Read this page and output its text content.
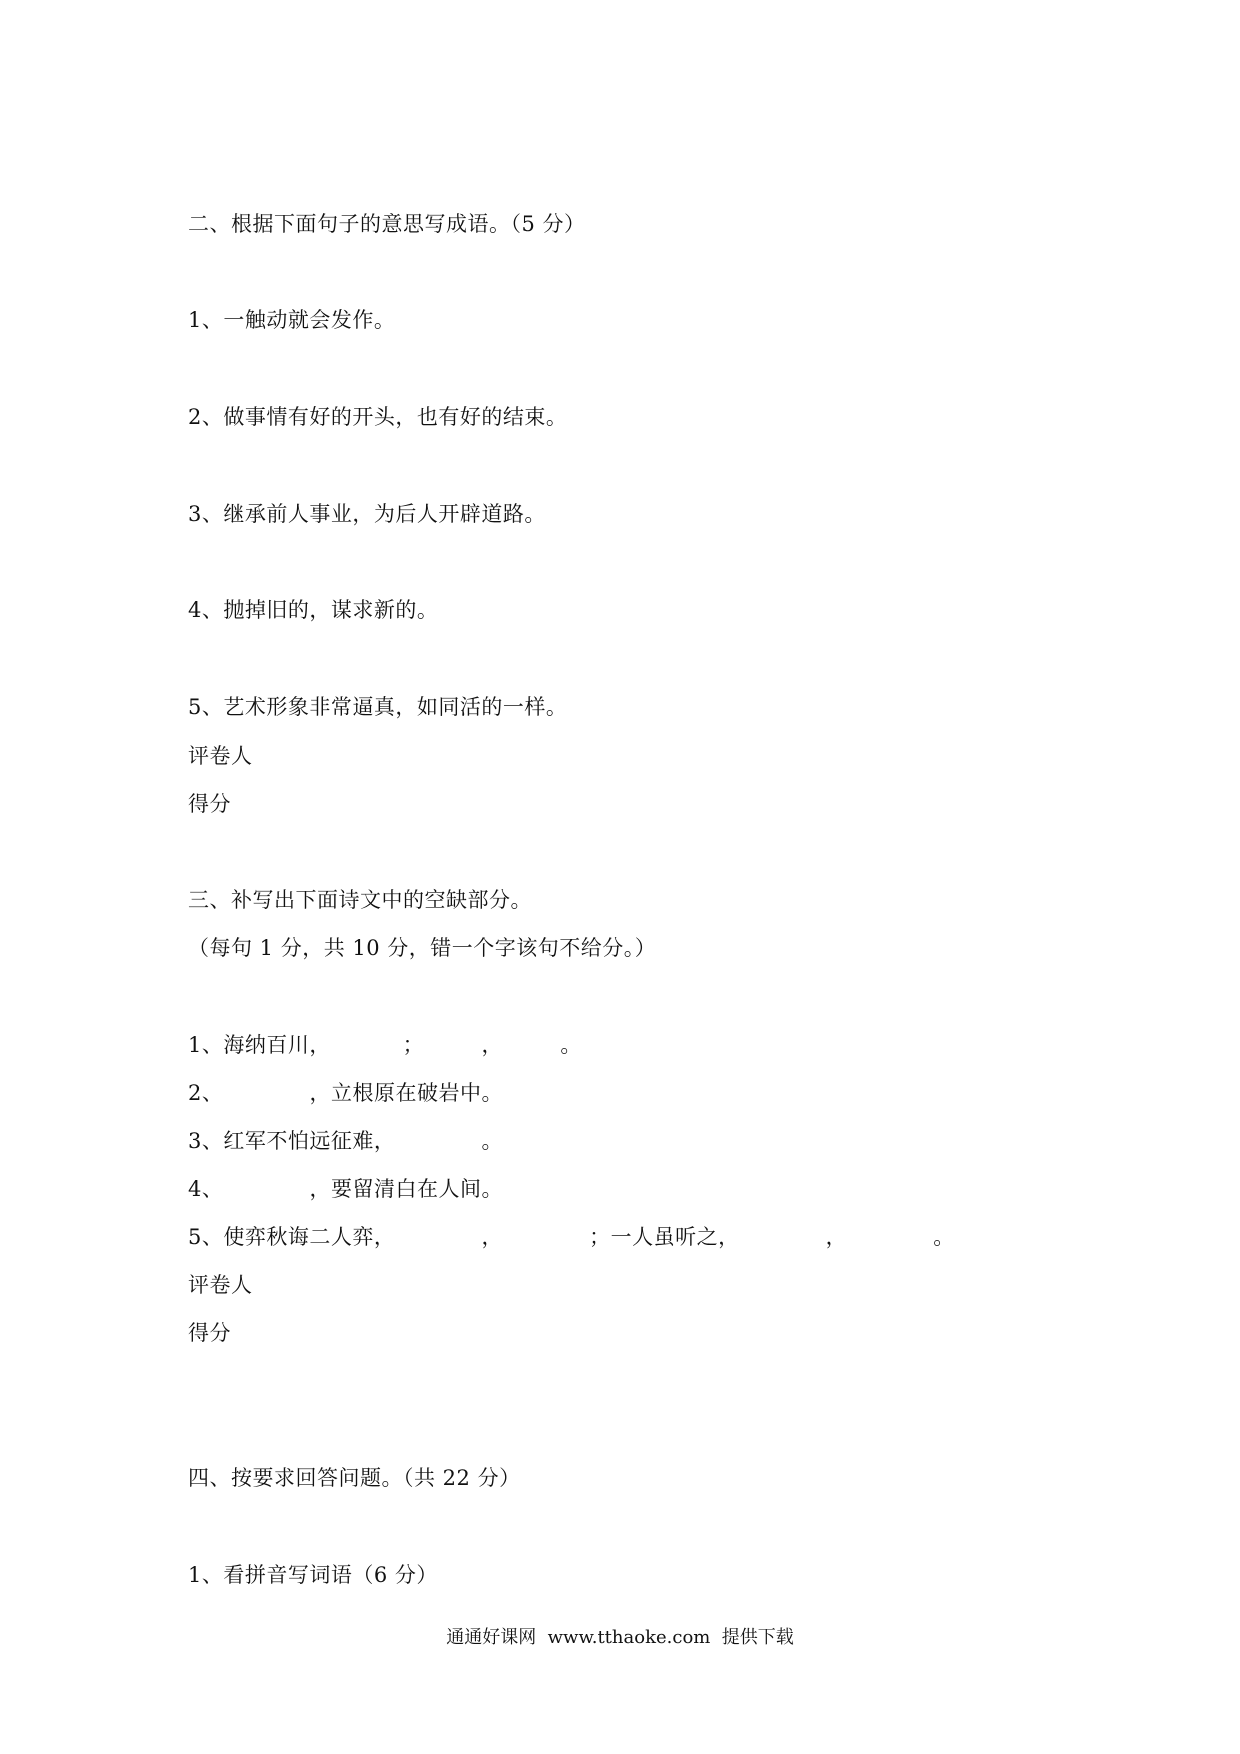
二、根据下面句子的意思写成语。（5 分）
1、一触动就会发作。
2、做事情有好的开头，也有好的结束。
3、继承前人事业，为后人开辟道路。
4、抛掉旧的，谋求新的。
5、艺术形象非常逼真，如同活的一样。
评卷人
得分
三、补写出下面诗文中的空缺部分。
（每句 1 分，共 10 分，错一个字该句不给分。）
1、海纳百川，          ；        ，        。
2、            ，立根原在破岩中。
3、红军不怕远征难，            。
4、            ，要留清白在人间。
5、使弈秋诲二人弈，            ，            ；一人虽听之，            ，            。
评卷人
得分
四、按要求回答问题。（共 22 分）
1、看拼音写词语（6 分）
通通好课网  www.tthaoke.com  提供下载
